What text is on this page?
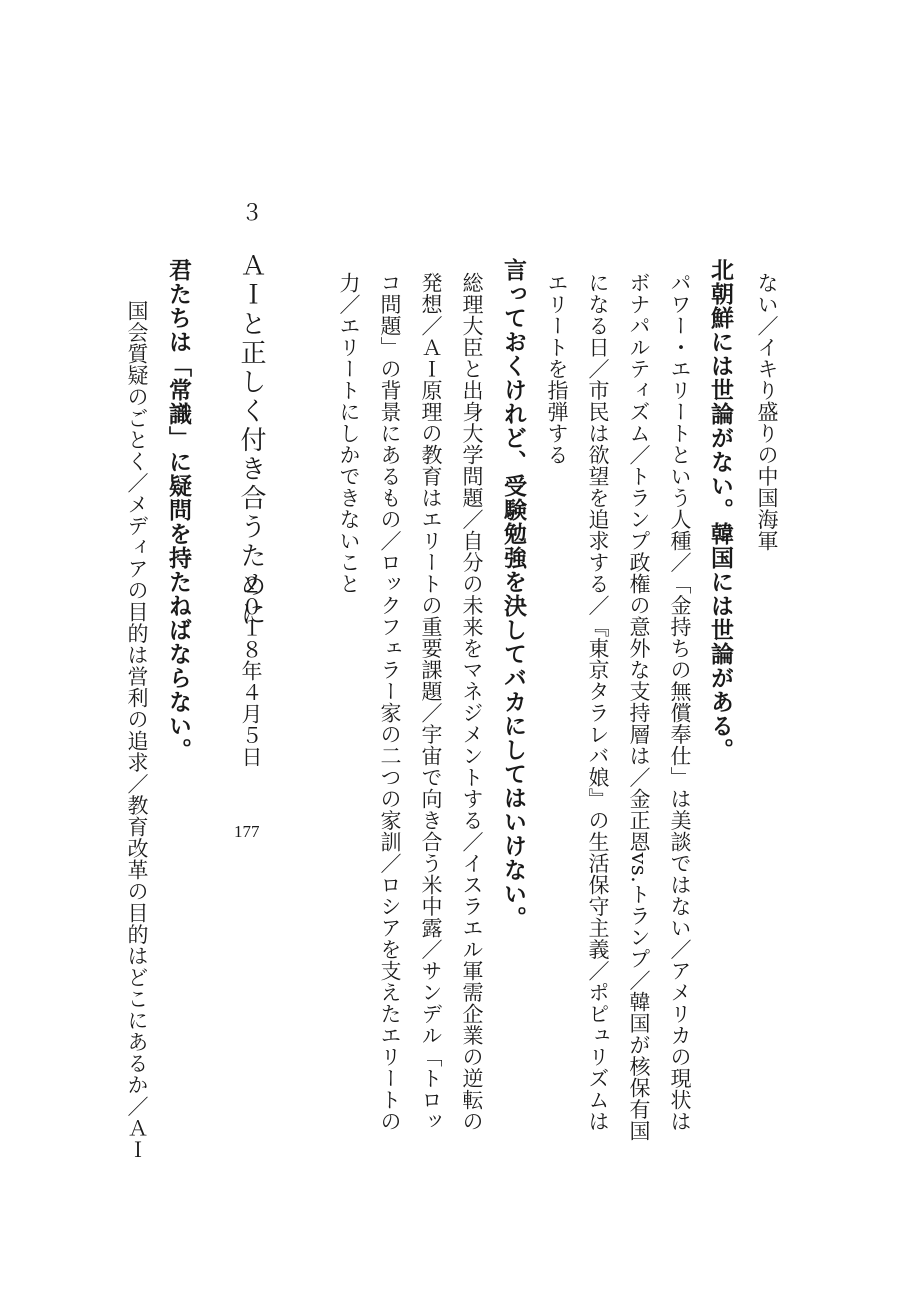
ない／イキり盛りの中国海軍
北朝鮮には世論がない。韓国には世論がある。
パワー・エリートという人種／「金持ちの無償奉仕」は美談ではない／アメリカの現状は
ボナパルティズム／トランプ政権の意外な支持層は／金正恩vs.トランプ／韓国が核保有国
になる日／市民は欲望を追求する／『東京タラレバ娘』の生活保守主義／ポピュリズムは
エリートを指弾する
言っておくけれど、受験勉強を決してバカにしてはいけない。
総理大臣と出身大学問題／自分の未来をマネジメントする／イスラエル軍需企業の逆転の
発想／ＡＩ原理の教育はエリートの重要課題／宇宙で向き合う米中露／サンデル「トロッ
コ問題」の背景にあるもの／ロックフェラー家の二つの家訓／ロシアを支えたエリートの
力／エリートにしかできないこと
３
ＡＩと正しく付き合うために
２０１８年４月５日
177
君たちは「常識」に疑問を持たねばならない。
国会質疑のごとく／メディアの目的は営利の追求／教育改革の目的はどこにあるか／ＡＩ
